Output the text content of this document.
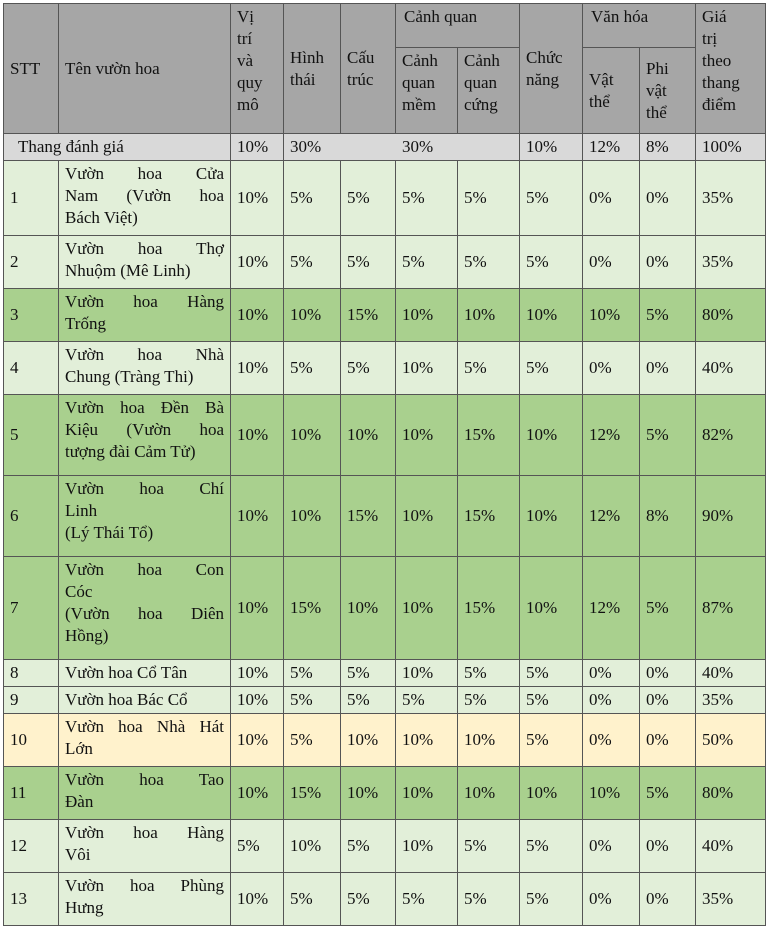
STT	Tên vườn hoa	Vị
trí
và
quy
mô	Hình
thái	Cấu
trúc	Cảnh quan		Chức
năng	Văn hóa		Giá
trị
theo
thang
điểm

					Cảnh
quan
mềm	Cảnh
quan
cứng		Vật
thể	Phi
vật
thể	

Thang đánh giá		10%	30%		30%		10%	12%	8%	100%
1	Vườn hoa Cửa
Nam (Vườn hoa
Bách Việt)	10%	5%	5%	5%	5%	5%	0%	0%	35%
2	Vườn hoa Thợ
Nhuộm (Mê Linh)	10%	5%	5%	5%	5%	5%	0%	0%	35%
3	Vườn hoa Hàng
Trống	10%	10%	15%	10%	10%	10%	10%	5%	80%
4	Vườn hoa Nhà
Chung (Tràng Thi)	10%	5%	5%	10%	5%	5%	0%	0%	40%
5	Vườn hoa Đền Bà
Kiệu (Vườn hoa
tượng đài Cảm Tử)	10%	10%	10%	10%	15%	10%	12%	5%	82%
6	Vườn hoa Chí
Linh
(Lý Thái Tổ)	10%	10%	15%	10%	15%	10%	12%	8%	90%
7	Vườn hoa Con
Cóc
(Vườn hoa Diên
Hồng)	10%	15%	10%	10%	15%	10%	12%	5%	87%
8	Vườn hoa Cổ Tân	10%	5%	5%	10%	5%	5%	0%	0%	40%
9	Vườn hoa Bác Cổ	10%	5%	5%	5%	5%	5%	0%	0%	35%
10	Vườn hoa Nhà Hát
Lớn	10%	5%	10%	10%	10%	5%	0%	0%	50%
11	Vườn hoa Tao
Đàn	10%	15%	10%	10%	10%	10%	10%	5%	80%
12	Vườn hoa Hàng
Vôi	5%	10%	5%	10%	5%	5%	0%	0%	40%
13	Vườn hoa Phùng
Hưng	10%	5%	5%	5%	5%	5%	0%	0%	35%
